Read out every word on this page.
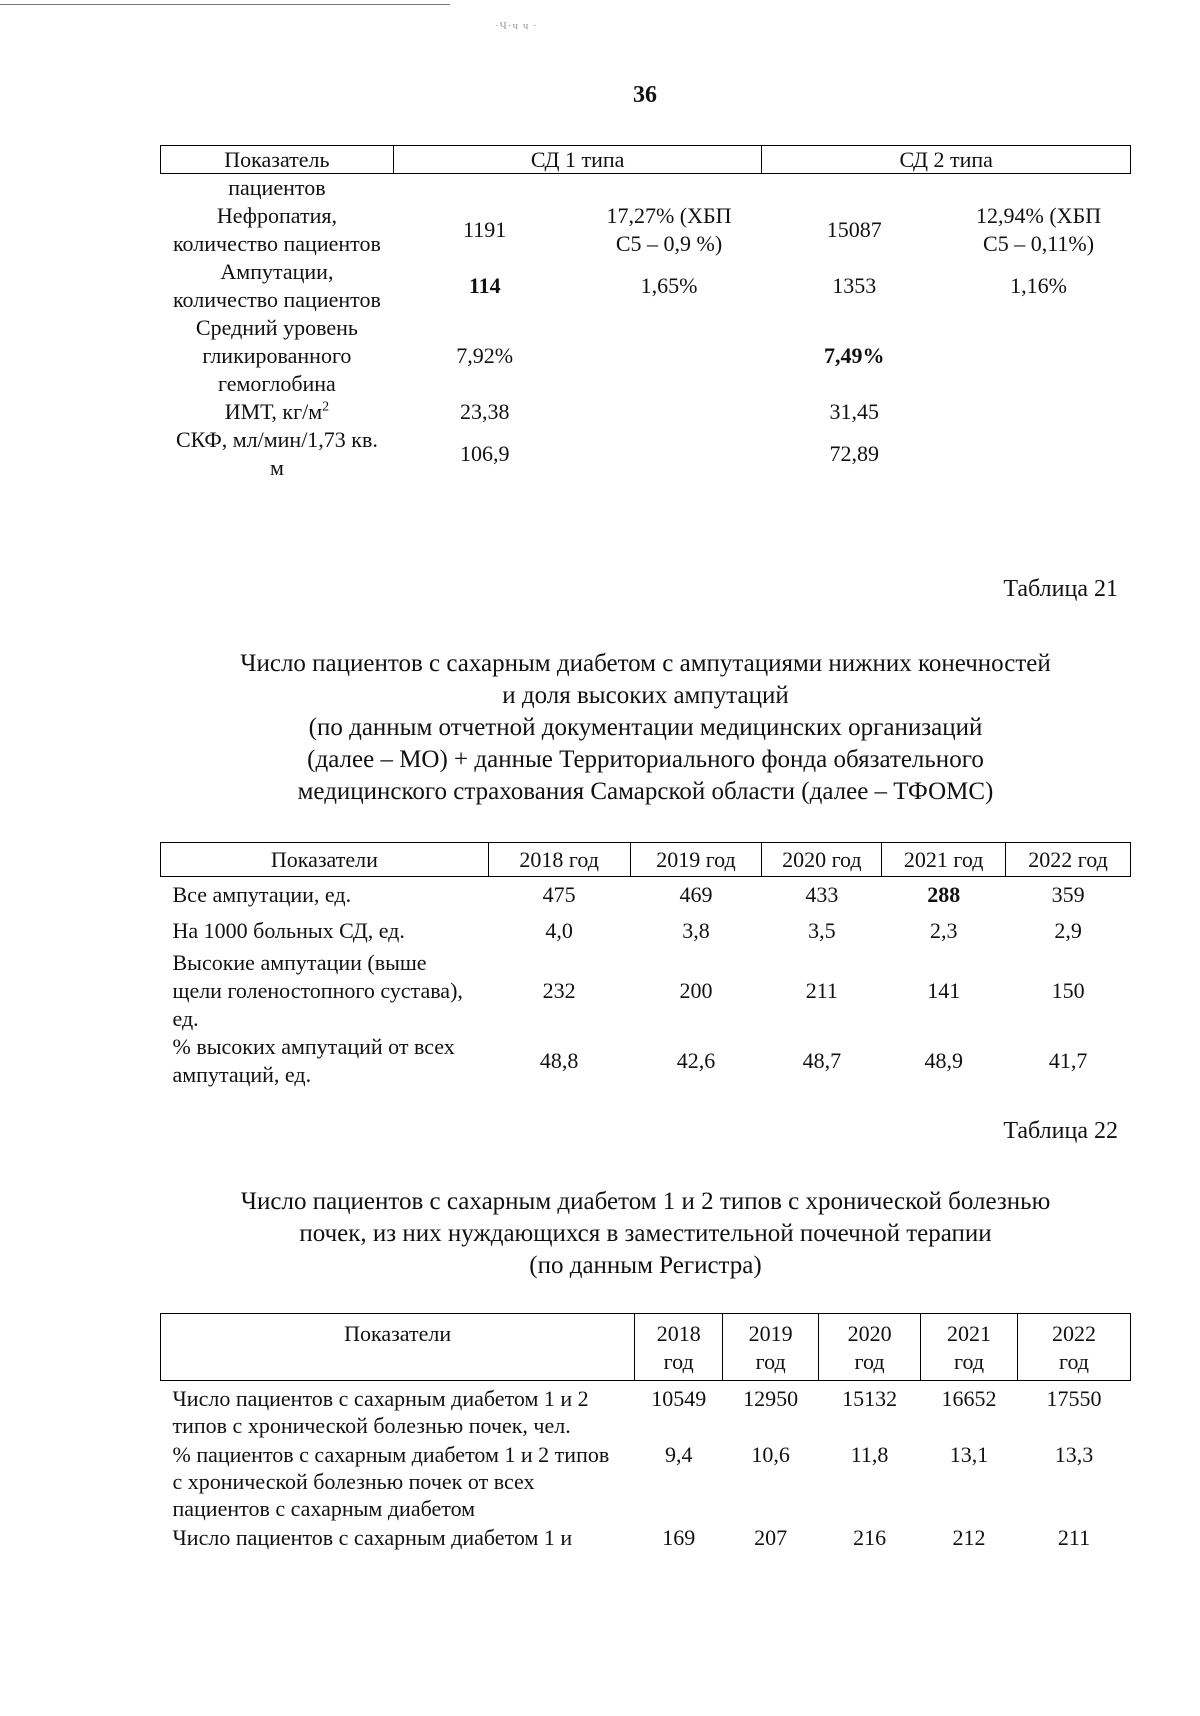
·Ч·ч ч ·
36
Показатель	СД 1 типа		СД 2 типа	
пациентов				
Нефропатия, количество пациентов	1191	17,27% (ХБП С5 – 0,9 %)	15087	12,94% (ХБП С5 – 0,11%)
Ампутации, количество пациентов	114	1,65%	1353	1,16%
Средний уровень гликированного гемоглобина	7,92%		7,49%	
ИМТ, $кг/м^2$	23,38		31,45	
СКФ, мл/мин/1,73 кв. м	106,9		72,89	
Таблица 21
Число пациентов с сахарным диабетом с ампутациями нижних конечностей
и доля высоких ампутаций
(по данным отчетной документации медицинских организаций
(далее – МО) + данные Территориального фонда обязательного
медицинского страхования Самарской области (далее – ТФОМС)
Показатели	2018 год	2019 год	2020 год	2021 год	2022 год
Все ампутации, ед.	475	469	433	288	359
На 1000 больных СД, ед.	4,0	3,8	3,5	2,3	2,9
Высокие ампутации (выше щели голеностопного сустава), ед.	232	200	211	141	150
% высоких ампутаций от всех ампутаций, ед.	48,8	42,6	48,7	48,9	41,7
Таблица 22
Число пациентов с сахарным диабетом 1 и 2 типов с хронической болезнью
почек, из них нуждающихся в заместительной почечной терапии
(по данным Регистра)
Показатели	2018 год	2019 год	2020 год	2021 год	2022 год
Число пациентов с сахарным диабетом 1 и 2 типов с хронической болезнью почек, чел.	10549	12950	15132	16652	17550
% пациентов с сахарным диабетом 1 и 2 типов с хронической болезнью почек от всех пациентов с сахарным диабетом	9,4	10,6	11,8	13,1	13,3
Число пациентов с сахарным диабетом 1 и	169	207	216	212	211
